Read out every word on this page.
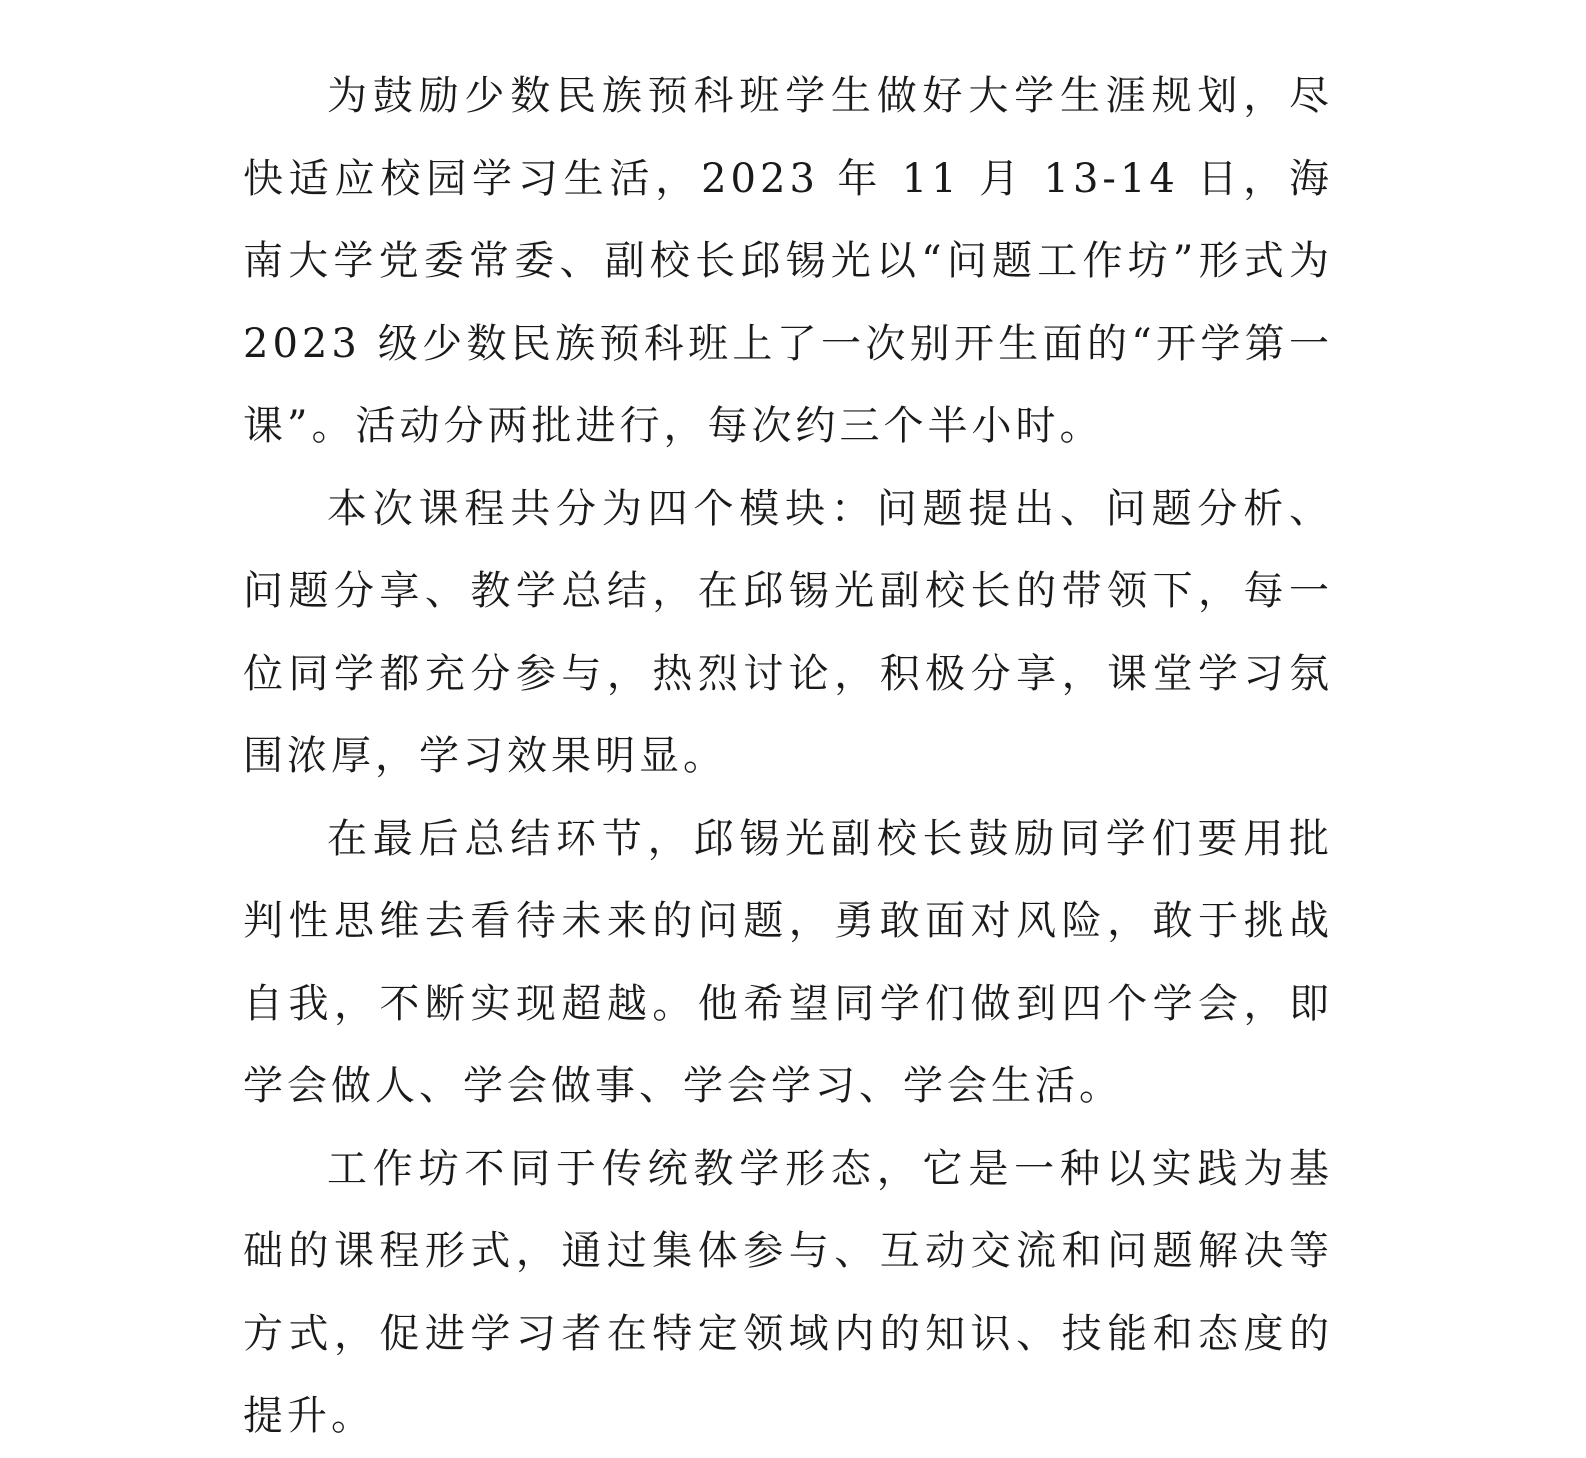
为鼓励少数民族预科班学生做好大学生涯规划，尽快适应校园学习生活，2023 年 11 月 13-14 日，海南大学党委常委、副校长邱锡光以“问题工作坊”形式为 2023 级少数民族预科班上了一次别开生面的“开学第一课”。活动分两批进行，每次约三个半小时。

本次课程共分为四个模块：问题提出、问题分析、问题分享、教学总结，在邱锡光副校长的带领下，每一位同学都充分参与，热烈讨论，积极分享，课堂学习氛围浓厚，学习效果明显。

在最后总结环节，邱锡光副校长鼓励同学们要用批判性思维去看待未来的问题，勇敢面对风险，敢于挑战自我，不断实现超越。他希望同学们做到四个学会，即学会做人、学会做事、学会学习、学会生活。

工作坊不同于传统教学形态，它是一种以实践为基础的课程形式，通过集体参与、互动交流和问题解决等方式，促进学习者在特定领域内的知识、技能和态度的提升。
